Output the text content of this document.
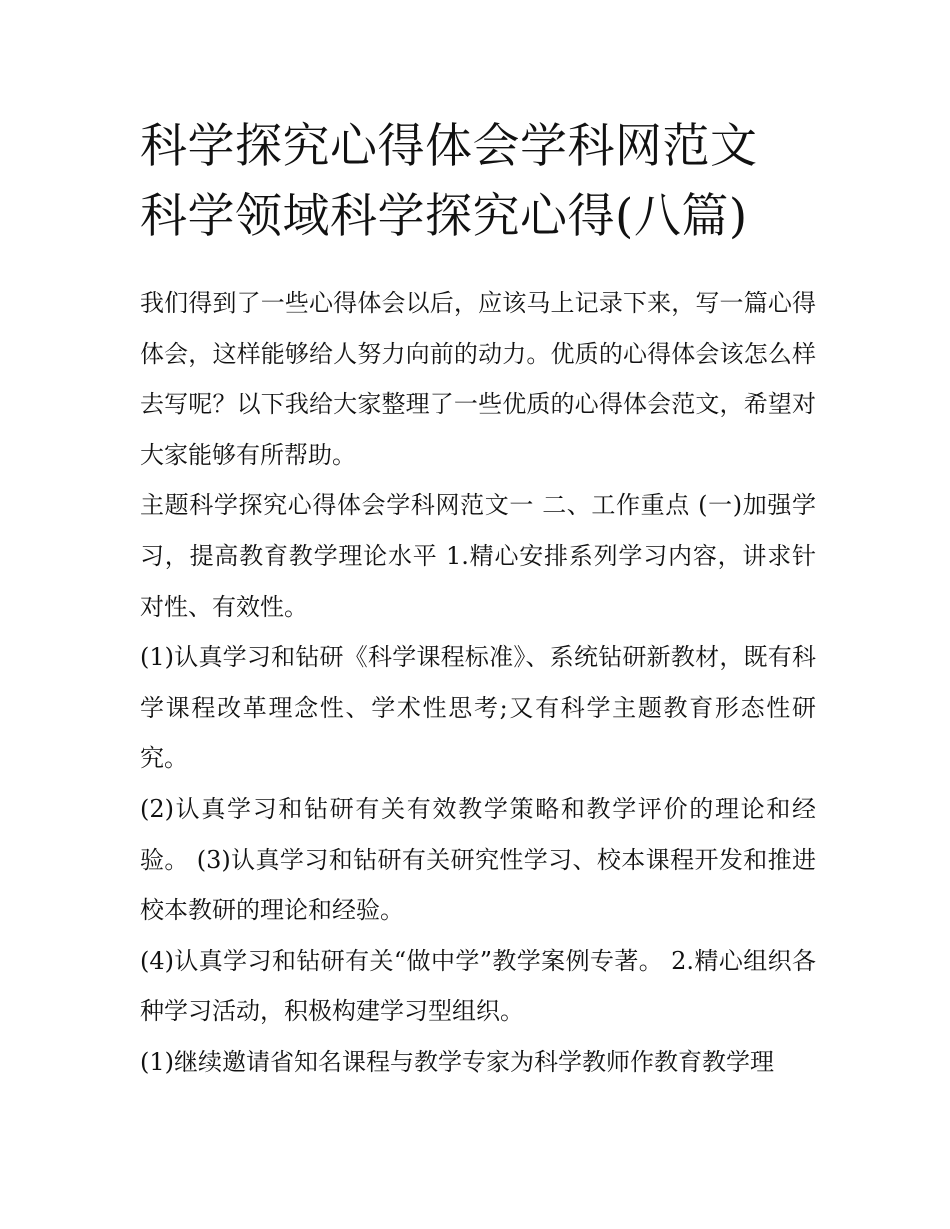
科学探究心得体会学科网范文
科学领域科学探究心得(八篇)

我们得到了一些心得体会以后，应该马上记录下来，写一篇心得体会，这样能够给人努力向前的动力。优质的心得体会该怎么样去写呢？以下我给大家整理了一些优质的心得体会范文，希望对大家能够有所帮助。

主题科学探究心得体会学科网范文一 二、工作重点 (一)加强学习，提高教育教学理论水平 1.精心安排系列学习内容，讲求针对性、有效性。

(1)认真学习和钻研《科学课程标准》、系统钻研新教材，既有科学课程改革理念性、学术性思考;又有科学主题教育形态性研究。

(2)认真学习和钻研有关有效教学策略和教学评价的理论和经验。 (3)认真学习和钻研有关研究性学习、校本课程开发和推进校本教研的理论和经验。

(4)认真学习和钻研有关“做中学”教学案例专著。 2.精心组织各种学习活动，积极构建学习型组织。

(1)继续邀请省知名课程与教学专家为科学教师作教育教学理
